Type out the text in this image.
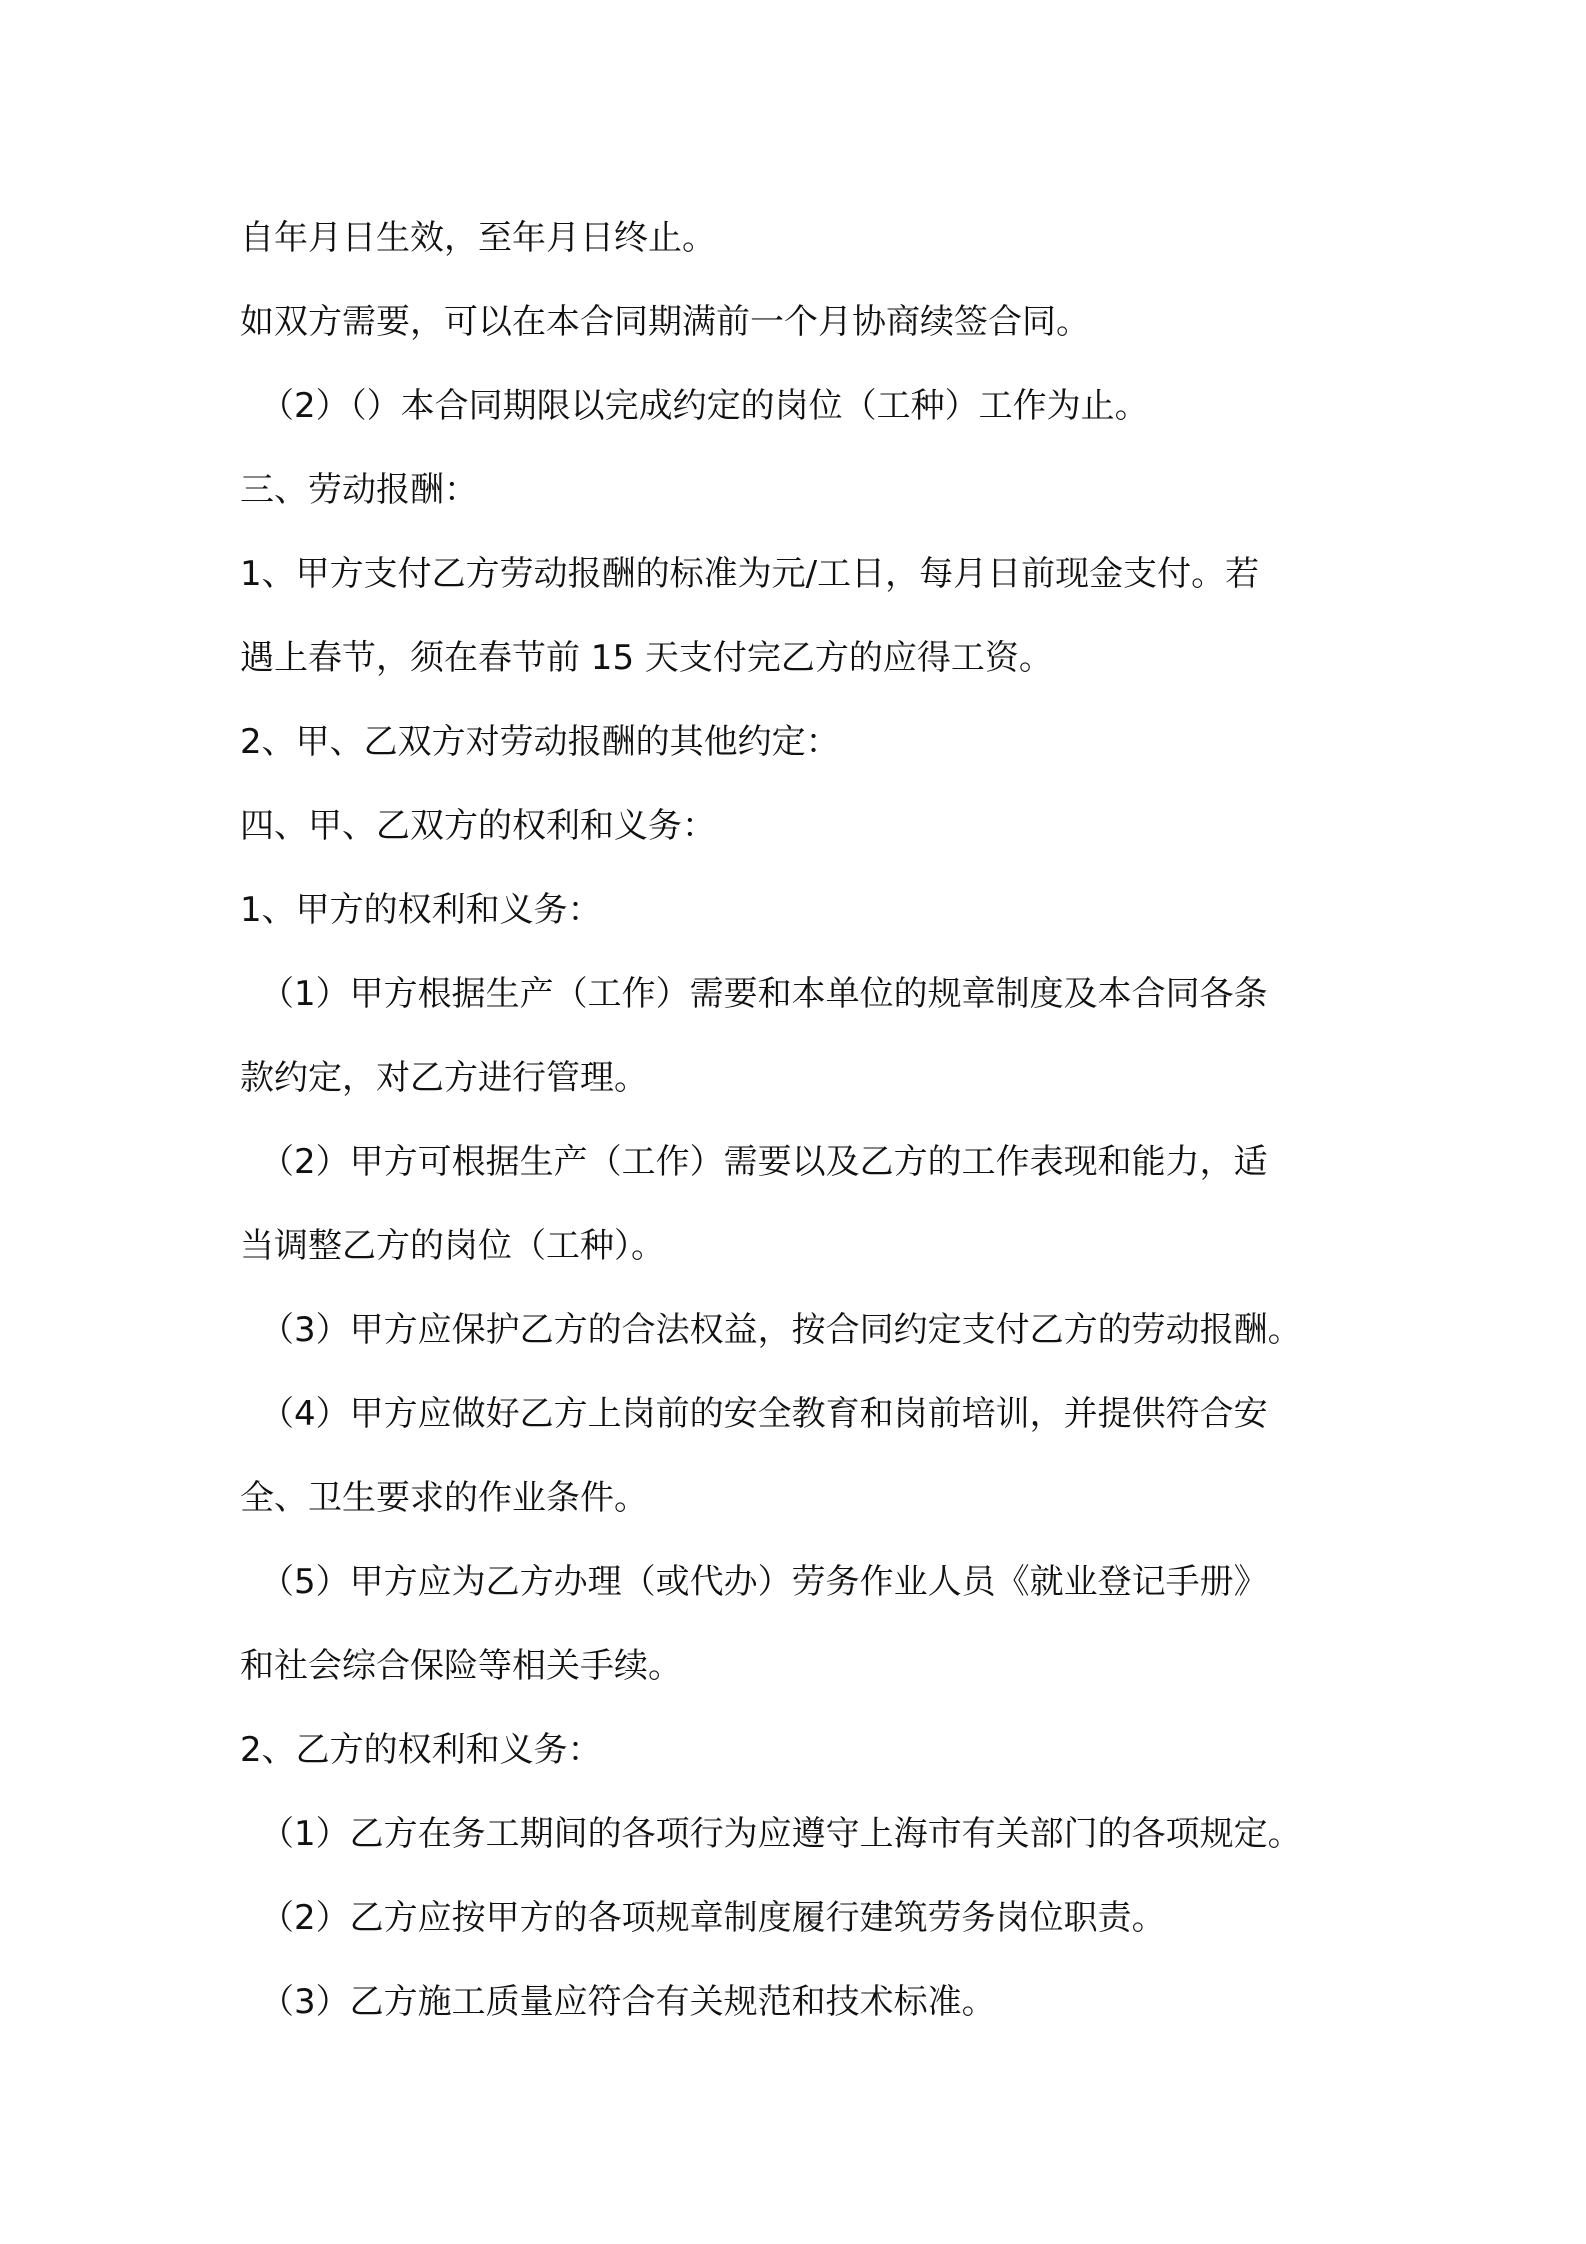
自年月日生效，至年月日终止。
如双方需要，可以在本合同期满前一个月协商续签合同。
（2）（）本合同期限以完成约定的岗位（工种）工作为止。
三、劳动报酬：
1、甲方支付乙方劳动报酬的标准为元/工日，每月日前现金支付。若
遇上春节，须在春节前 15 天支付完乙方的应得工资。
2、甲、乙双方对劳动报酬的其他约定：
四、甲、乙双方的权利和义务：
1、甲方的权利和义务：
（1）甲方根据生产（工作）需要和本单位的规章制度及本合同各条
款约定，对乙方进行管理。
（2）甲方可根据生产（工作）需要以及乙方的工作表现和能力，适
当调整乙方的岗位（工种）。
（3）甲方应保护乙方的合法权益，按合同约定支付乙方的劳动报酬。
（4）甲方应做好乙方上岗前的安全教育和岗前培训，并提供符合安
全、卫生要求的作业条件。
（5）甲方应为乙方办理（或代办）劳务作业人员《就业登记手册》
和社会综合保险等相关手续。
2、乙方的权利和义务：
（1）乙方在务工期间的各项行为应遵守上海市有关部门的各项规定。
（2）乙方应按甲方的各项规章制度履行建筑劳务岗位职责。
（3）乙方施工质量应符合有关规范和技术标准。
